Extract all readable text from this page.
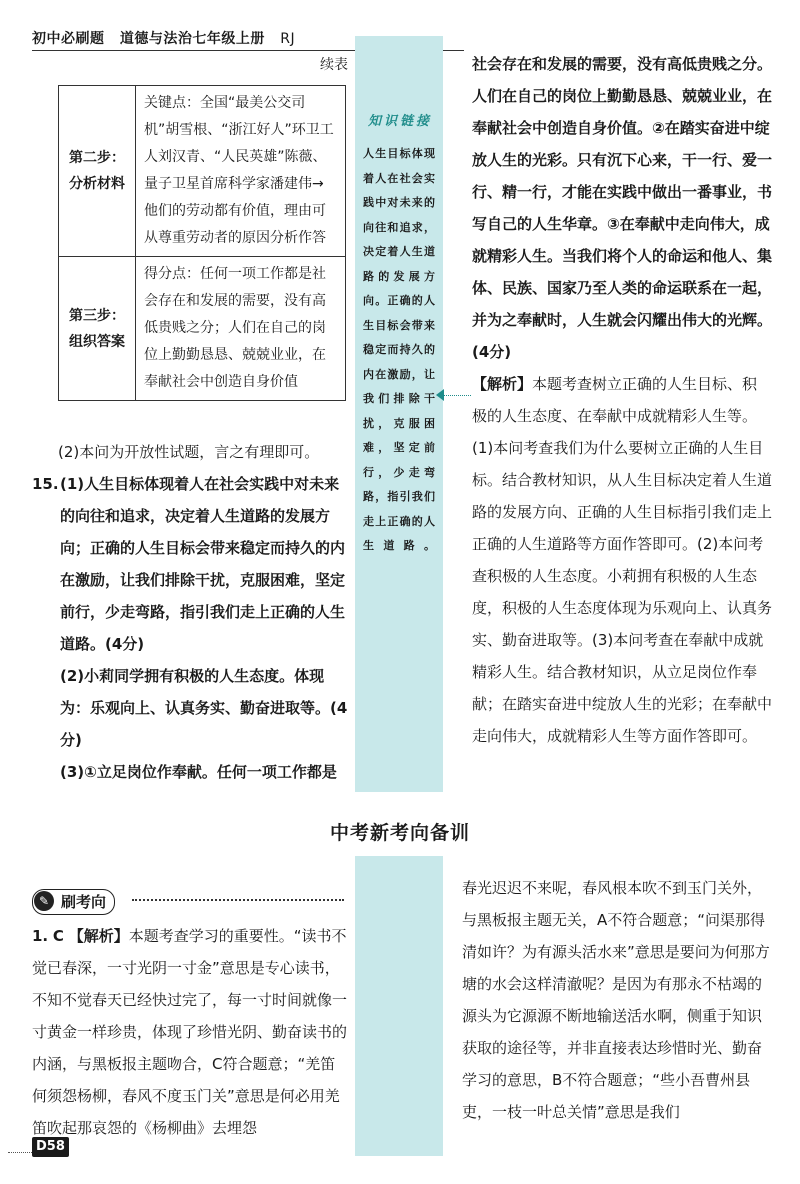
初中必刷题 道德与法治七年级上册 RJ
续表
知识链接
人生目标体现着人在社会实践中对未来的向往和追求，决定着人生道路的发展方向。正确的人生目标会带来稳定而持久的内在激励，让我们排除干扰，克服困难，坚定前行，少走弯路，指引我们走上正确的人生道路。
第二步：
分析材料	关键点：全国“最美公交司机”胡雪根、“浙江好人”环卫工人刘汉青、“人民英雄”陈薇、量子卫星首席科学家潘建伟→他们的劳动都有价值，理由可从尊重劳动者的原因分析作答
第三步：
组织答案	得分点：任何一项工作都是社会存在和发展的需要，没有高低贵贱之分；人们在自己的岗位上勤勤恳恳、兢兢业业，在奉献社会中创造自身价值
(2)本问为开放性试题，言之有理即可。
15. (1)人生目标体现着人在社会实践中对未来的向往和追求，决定着人生道路的发展方向；正确的人生目标会带来稳定而持久的内在激励，让我们排除干扰，克服困难，坚定前行，少走弯路，指引我们走上正确的人生道路。(4分)
(2)小莉同学拥有积极的人生态度。体现为：乐观向上、认真务实、勤奋进取等。(4分)
(3)①立足岗位作奉献。任何一项工作都是
社会存在和发展的需要，没有高低贵贱之分。人们在自己的岗位上勤勤恳恳、兢兢业业，在奉献社会中创造自身价值。②在踏实奋进中绽放人生的光彩。只有沉下心来，干一行、爱一行、精一行，才能在实践中做出一番事业，书写自己的人生华章。③在奉献中走向伟大，成就精彩人生。当我们将个人的命运和他人、集体、民族、国家乃至人类的命运联系在一起，并为之奉献时，人生就会闪耀出伟大的光辉。(4分)
【解析】本题考查树立正确的人生目标、积极的人生态度、在奉献中成就精彩人生等。(1)本问考查我们为什么要树立正确的人生目标。结合教材知识，从人生目标决定着人生道路的发展方向、正确的人生目标指引我们走上正确的人生道路等方面作答即可。(2)本问考查积极的人生态度。小莉拥有积极的人生态度，积极的人生态度体现为乐观向上、认真务实、勤奋进取等。(3)本问考查在奉献中成就精彩人生。结合教材知识，从立足岗位作奉献；在踏实奋进中绽放人生的光彩；在奉献中走向伟大，成就精彩人生等方面作答即可。
中考新考向备训
刷考向
✎
1. C 【解析】本题考查学习的重要性。“读书不觉已春深，一寸光阴一寸金”意思是专心读书，不知不觉春天已经快过完了，每一寸时间就像一寸黄金一样珍贵，体现了珍惜光阴、勤奋读书的内涵，与黑板报主题吻合，C符合题意；“羌笛何须怨杨柳，春风不度玉门关”意思是何必用羌笛吹起那哀怨的《杨柳曲》去埋怨
春光迟迟不来呢，春风根本吹不到玉门关外，与黑板报主题无关，A不符合题意；“问渠那得清如许？为有源头活水来”意思是要问为何那方塘的水会这样清澈呢？是因为有那永不枯竭的源头为它源源不断地输送活水啊，侧重于知识获取的途径等，并非直接表达珍惜时光、勤奋学习的意思，B不符合题意；“些小吾曹州县吏，一枝一叶总关情”意思是我们
D58
